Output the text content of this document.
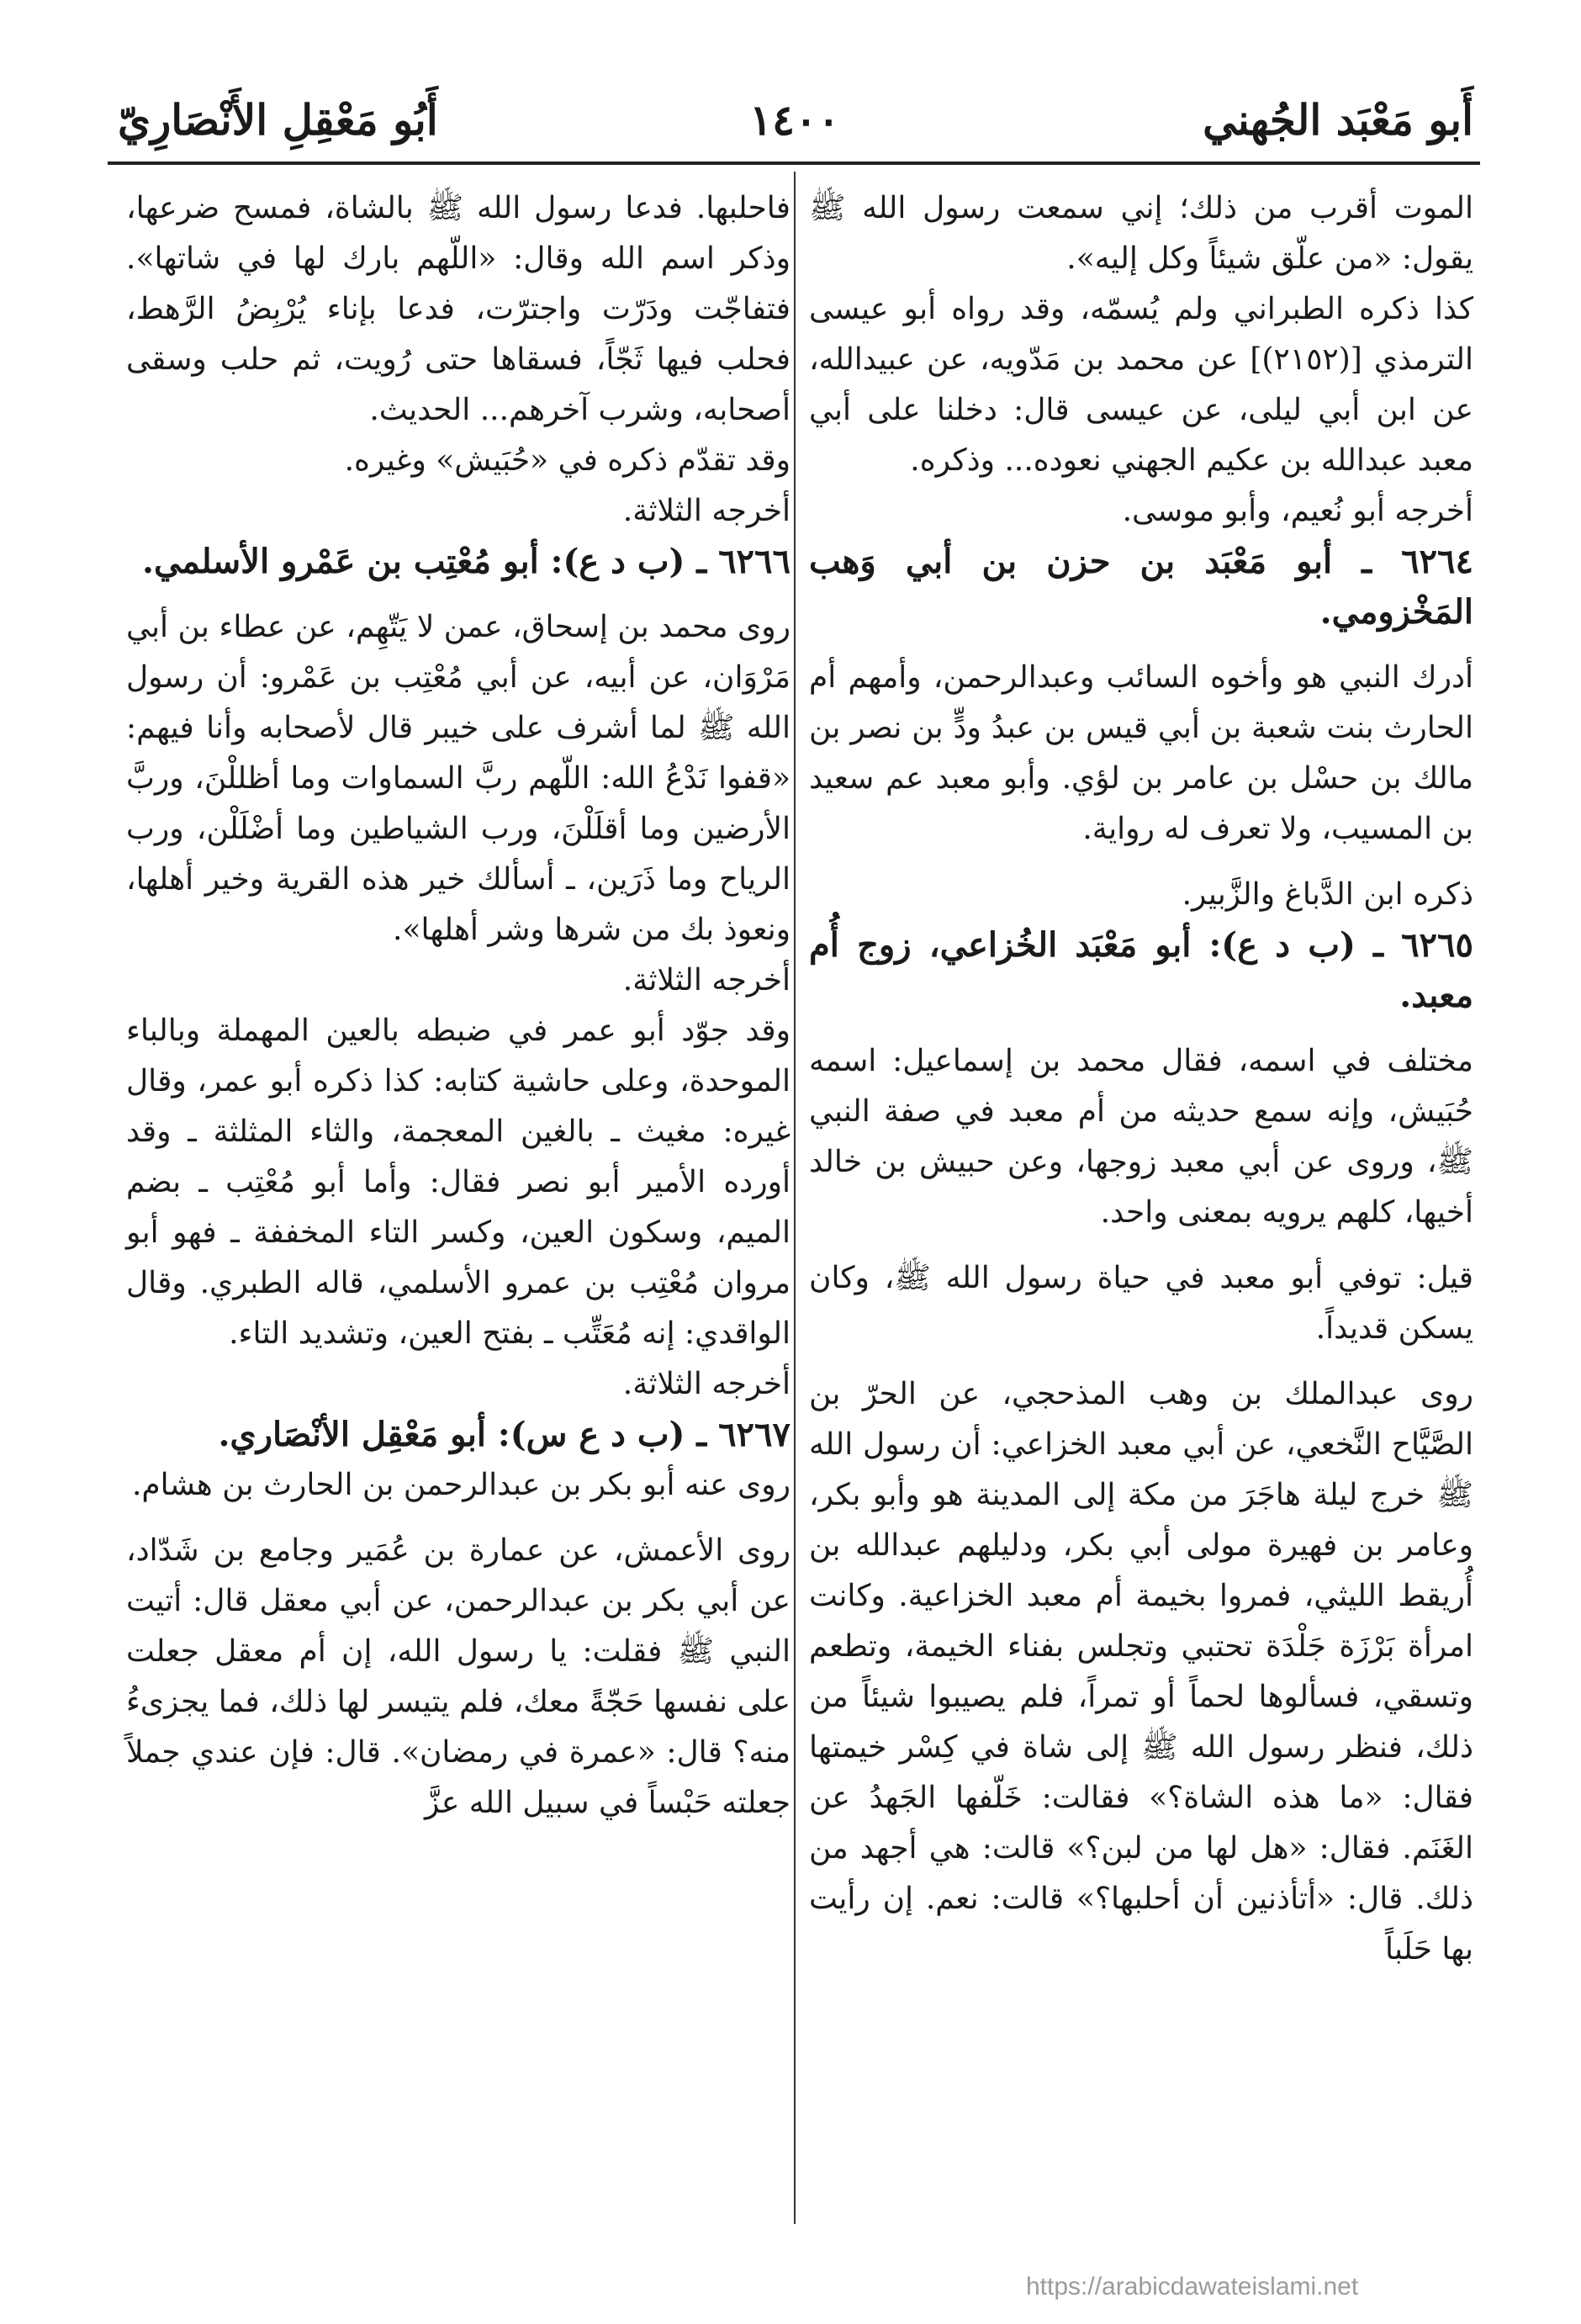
أَبو مَعْبَد الجُهني
١٤٠٠
أَبُو مَعْقِلِ الأَنْصَارِيّ

الموت أقرب من ذلك؛ إني سمعت رسول الله ﷺ يقول: «من علّق شيئاً وكل إليه».

كذا ذكره الطبراني ولم يُسمّه، وقد رواه أبو عيسى الترمذي [(٢١٥٢)] عن محمد بن مَدّويه، عن عبيدالله، عن ابن أبي ليلى، عن عيسى قال: دخلنا على أبي معبد عبدالله بن عكيم الجهني نعوده... وذكره.

أخرجه أبو نُعيم، وأبو موسى.

٦٢٦٤ ـ أبو مَعْبَد بن حزن بن أبي وَهب المَخْزومي.

أدرك النبي هو وأخوه السائب وعبدالرحمن، وأمهم أم الحارث بنت شعبة بن أبي قيس بن عبدُ ودٍّ بن نصر بن مالك بن حسْل بن عامر بن لؤي. وأبو معبد عم سعيد بن المسيب، ولا تعرف له رواية.

ذكره ابن الدَّباغ والزَّبير.

٦٢٦٥ ـ (ب د ع): أبو مَعْبَد الخُزاعي، زوج أُم معبد.

مختلف في اسمه، فقال محمد بن إسماعيل: اسمه حُبَيش، وإنه سمع حديثه من أم معبد في صفة النبي ﷺ، وروى عن أبي معبد زوجها، وعن حبيش بن خالد أخيها، كلهم يرويه بمعنى واحد.

قيل: توفي أبو معبد في حياة رسول الله ﷺ، وكان يسكن قديداً.

روى عبدالملك بن وهب المذحجي، عن الحرّ بن الصَّيَّاح النَّخعي، عن أبي معبد الخزاعي: أن رسول الله ﷺ خرج ليلة هاجَرَ من مكة إلى المدينة هو وأبو بكر، وعامر بن فهيرة مولى أبي بكر، ودليلهم عبدالله بن أُريقط الليثي، فمروا بخيمة أم معبد الخزاعية. وكانت امرأة بَرْزَة جَلْدَة تحتبي وتجلس بفناء الخيمة، وتطعم وتسقي، فسألوها لحماً أو تمراً، فلم يصيبوا شيئاً من ذلك، فنظر رسول الله ﷺ إلى شاة في كِسْر خيمتها فقال: «ما هذه الشاة؟» فقالت: خَلّفها الجَهدُ عن الغَنَم. فقال: «هل لها من لبن؟» قالت: هي أجهد من ذلك. قال: «أتأذنين أن أحلبها؟» قالت: نعم. إن رأيت بها حَلَباً

فاحلبها. فدعا رسول الله ﷺ بالشاة، فمسح ضرعها، وذكر اسم الله وقال: «اللّهم بارك لها في شاتها». فتفاجّت ودَرّت واجترّت، فدعا بإناء يُرْبِضُ الرَّهط، فحلب فيها ثَجّاً، فسقاها حتى رُويت، ثم حلب وسقى أصحابه، وشرب آخرهم... الحديث.

وقد تقدّم ذكره في «حُبَيش» وغيره.

أخرجه الثلاثة.

٦٢٦٦ ـ (ب د ع): أبو مُعْتِب بن عَمْرو الأسلمي.

روى محمد بن إسحاق، عمن لا يَتّهِم، عن عطاء بن أبي مَرْوَان، عن أبيه، عن أبي مُعْتِب بن عَمْرو: أن رسول الله ﷺ لما أشرف على خيبر قال لأصحابه وأنا فيهم: «قفوا نَدْعُ الله: اللّهم ربَّ السماوات وما أظللْنَ، وربَّ الأرضين وما أقلَلْنَ، ورب الشياطين وما أضْلَلْن، ورب الرياح وما ذَرَين، ـ أسألك خير هذه القرية وخير أهلها، ونعوذ بك من شرها وشر أهلها».

أخرجه الثلاثة.

وقد جوّد أبو عمر في ضبطه بالعين المهملة وبالباء الموحدة، وعلى حاشية كتابه: كذا ذكره أبو عمر، وقال غيره: مغيث ـ بالغين المعجمة، والثاء المثلثة ـ وقد أورده الأمير أبو نصر فقال: وأما أبو مُعْتِب ـ بضم الميم، وسكون العين، وكسر التاء المخففة ـ فهو أبو مروان مُعْتِب بن عمرو الأسلمي، قاله الطبري. وقال الواقدي: إنه مُعَتِّب ـ بفتح العين، وتشديد التاء.

أخرجه الثلاثة.

٦٢٦٧ ـ (ب د ع س): أبو مَعْقِل الأنْصَاري.

روى عنه أبو بكر بن عبدالرحمن بن الحارث بن هشام.

روى الأعمش، عن عمارة بن عُمَير وجامع بن شَدّاد، عن أبي بكر بن عبدالرحمن، عن أبي معقل قال: أتيت النبي ﷺ فقلت: يا رسول الله، إن أم معقل جعلت على نفسها حَجّةً معك، فلم يتيسر لها ذلك، فما يجزىءُ منه؟ قال: «عمرة في رمضان». قال: فإن عندي جملاً جعلته حَبْساً في سبيل الله عزَّ

https://arabicdawateislami.net
